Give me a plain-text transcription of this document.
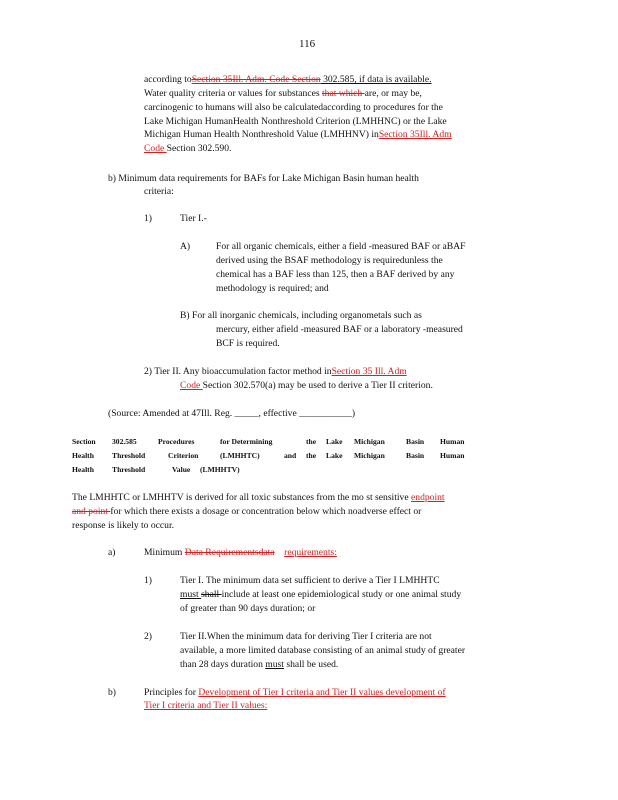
116
according toSection 35Ill. Adm. Code Section 302.585, if data is available.
Water quality criteria or values for substances that which are, or may be,
carcinogenic to humans will also be calculatedaccording to procedures for the
Lake Michigan HumanHealth Nonthreshold Criterion (LMHHNC) or the Lake
Michigan Human Health Nonthreshold Value (LMHHNV) inSection 35Ill. Adm
Code Section 302.590.
b) Minimum data requirements for BAFs for Lake Michigan Basin human health
criteria:
1)	Tier I.-
A)	For all organic chemicals, either a field -measured BAF or aBAF
derived using the BSAF methodology is requiredunless the
chemical has a BAF less than 125, then a BAF derived by any
methodology is required; and
B) For all inorganic chemicals, including organometals such as
mercury, either afield -measured BAF or a laboratory -measured
BCF is required.
2) Tier II. Any bioaccumulation factor method inSection 35 Ill. Adm
Code Section 302.570(a) may be used to derive a Tier II criterion.
(Source: Amended at 47Ill. Reg. _____, effective ___________)
Section 302.585	Procedures	for Determining	the Lake Michigan	Basin Human
Health Threshold	Criterion	(LMHHTC)	and the Lake Michigan	Basin Human
Health Threshold	Value (LMHHTV)
The LMHHTC or LMHHTV is derived for all toxic substances from the mo st sensitive endpoint
and point for which there exists a dosage or concentration below which noadverse effect or
response is likely to occur.
a)	Minimum Data Requirementsdata requirements:
1)	Tier I. The minimum data set sufficient to derive a Tier I LMHHTC
must shall include at least one epidemiological study or one animal study
of greater than 90 days duration; or
2)	Tier II.When the minimum data for deriving Tier I criteria are not
available, a more limited database consisting of an animal study of greater
than 28 days duration must shall be used.
b)	Principles for Development of Tier I criteria and Tier II values development of
Tier I criteria and Tier II values:
